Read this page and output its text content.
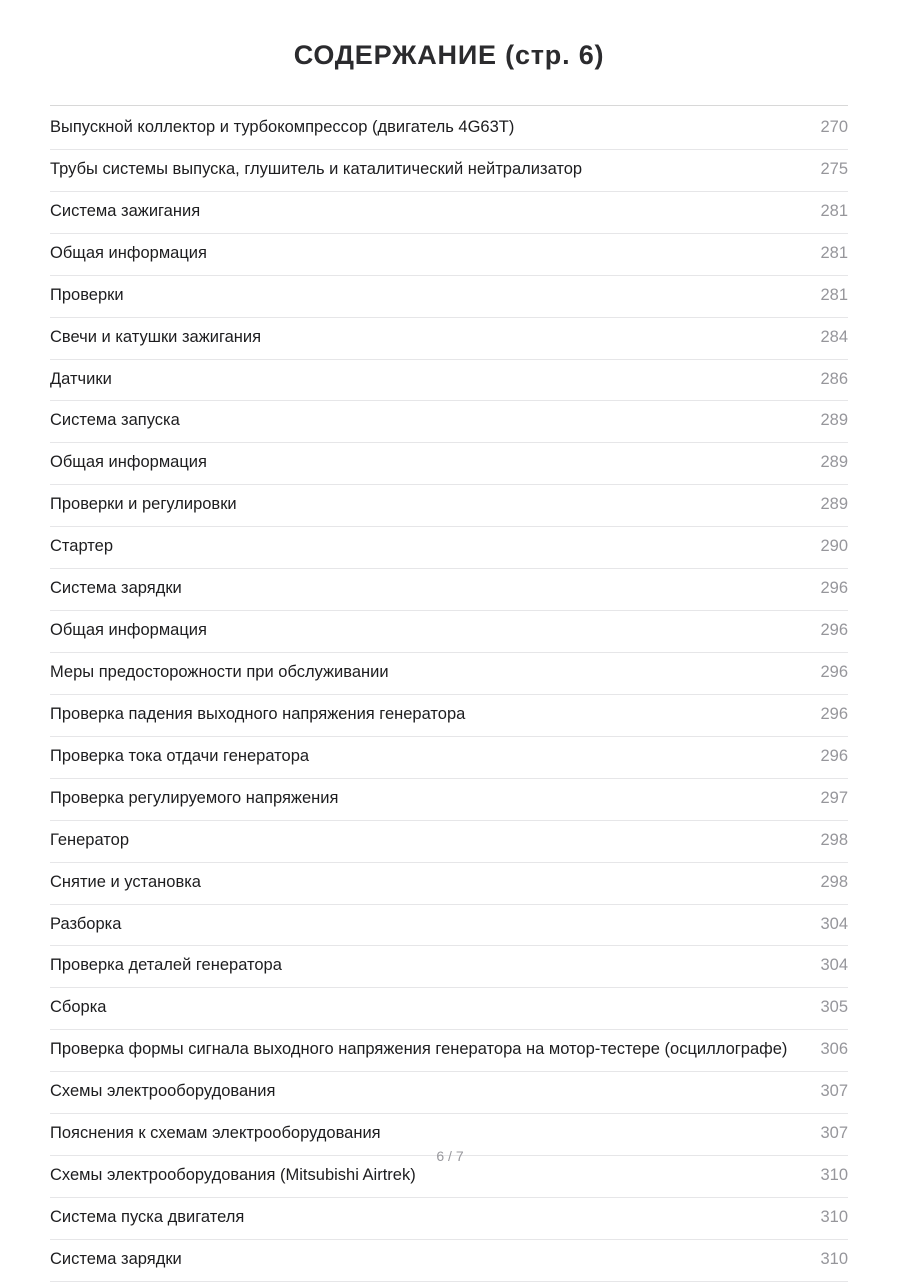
СОДЕРЖАНИЕ (стр. 6)
Выпускной коллектор и турбокомпрессор (двигатель 4G63T)	270
Трубы системы выпуска, глушитель и каталитический нейтрализатор	275
Система зажигания	281
Общая информация	281
Проверки	281
Свечи и катушки зажигания	284
Датчики	286
Система запуска	289
Общая информация	289
Проверки и регулировки	289
Стартер	290
Система зарядки	296
Общая информация	296
Меры предосторожности при обслуживании	296
Проверка падения выходного напряжения генератора	296
Проверка тока отдачи генератора	296
Проверка регулируемого напряжения	297
Генератор	298
Снятие и установка	298
Разборка	304
Проверка деталей генератора	304
Сборка	305
Проверка формы сигнала выходного напряжения генератора на мотор-тестере (осциллографе) 306
Схемы электрооборудования	307
Пояснения к схемам электрооборудования	307
Схемы электрооборудования (Mitsubishi Airtrek)	310
Система пуска двигателя	310
Система зарядки	310
6 / 7
